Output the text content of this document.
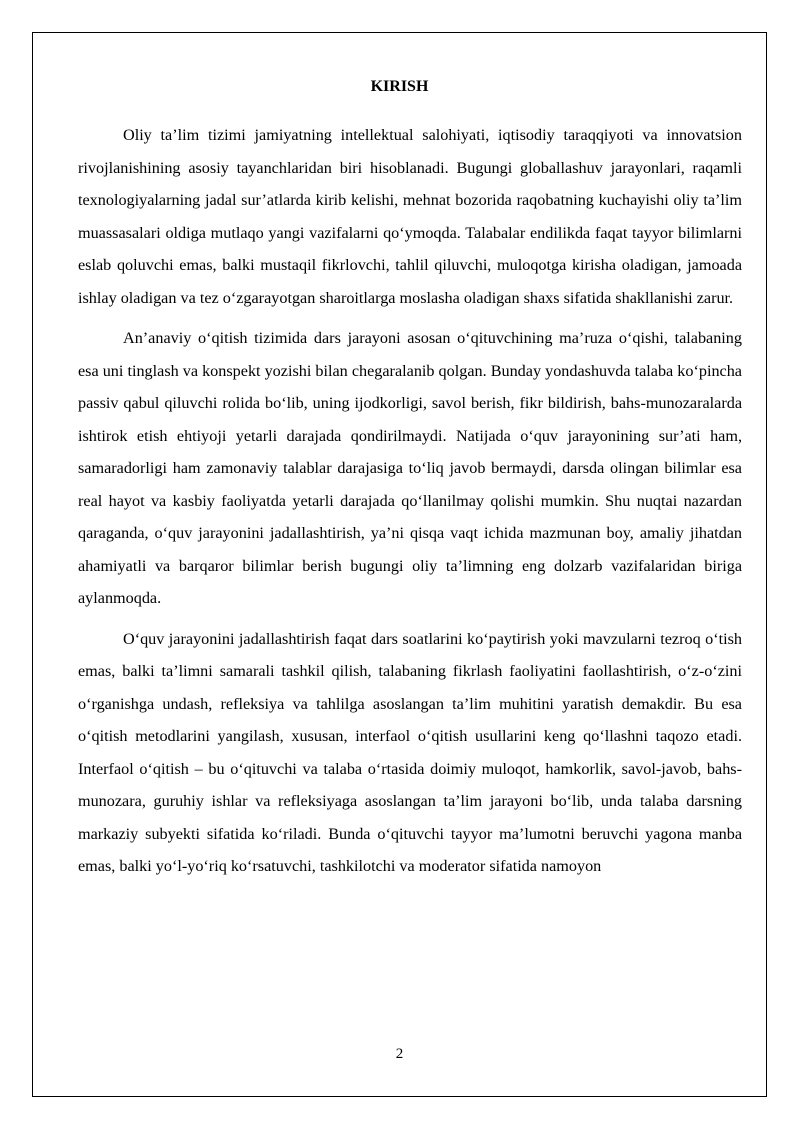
KIRISH

Oliy ta’lim tizimi jamiyatning intellektual salohiyati, iqtisodiy taraqqiyoti va innovatsion rivojlanishining asosiy tayanchlaridan biri hisoblanadi. Bugungi globallashuv jarayonlari, raqamli texnologiyalarning jadal sur’atlarda kirib kelishi, mehnat bozorida raqobatning kuchayishi oliy ta’lim muassasalari oldiga mutlaqo yangi vazifalarni qo‘ymoqda. Talabalar endilikda faqat tayyor bilimlarni eslab qoluvchi emas, balki mustaqil fikrlovchi, tahlil qiluvchi, muloqotga kirisha oladigan, jamoada ishlay oladigan va tez o‘zgarayotgan sharoitlarga moslasha oladigan shaxs sifatida shakllanishi zarur.

An’anaviy o‘qitish tizimida dars jarayoni asosan o‘qituvchining ma’ruza o‘qishi, talabaning esa uni tinglash va konspekt yozishi bilan chegaralanib qolgan. Bunday yondashuvda talaba ko‘pincha passiv qabul qiluvchi rolida bo‘lib, uning ijodkorligi, savol berish, fikr bildirish, bahs-munozaralarda ishtirok etish ehtiyoji yetarli darajada qondirilmaydi. Natijada o‘quv jarayonining sur’ati ham, samaradorligi ham zamonaviy talablar darajasiga to‘liq javob bermaydi, darsda olingan bilimlar esa real hayot va kasbiy faoliyatda yetarli darajada qo‘llanilmay qolishi mumkin. Shu nuqtai nazardan qaraganda, o‘quv jarayonini jadallashtirish, ya’ni qisqa vaqt ichida mazmunan boy, amaliy jihatdan ahamiyatli va barqaror bilimlar berish bugungi oliy ta’limning eng dolzarb vazifalaridan biriga aylanmoqda.

O‘quv jarayonini jadallashtirish faqat dars soatlarini ko‘paytirish yoki mavzularni tezroq o‘tish emas, balki ta’limni samarali tashkil qilish, talabaning fikrlash faoliyatini faollashtirish, o‘z-o‘zini o‘rganishga undash, refleksiya va tahlilga asoslangan ta’lim muhitini yaratish demakdir. Bu esa o‘qitish metodlarini yangilash, xususan, interfaol o‘qitish usullarini keng qo‘llashni taqozo etadi. Interfaol o‘qitish – bu o‘qituvchi va talaba o‘rtasida doimiy muloqot, hamkorlik, savol-javob, bahs-munozara, guruhiy ishlar va refleksiyaga asoslangan ta’lim jarayoni bo‘lib, unda talaba darsning markaziy subyekti sifatida ko‘riladi. Bunda o‘qituvchi tayyor ma’lumotni beruvchi yagona manba emas, balki yo‘l-yo‘riq ko‘rsatuvchi, tashkilotchi va moderator sifatida namoyon

2
